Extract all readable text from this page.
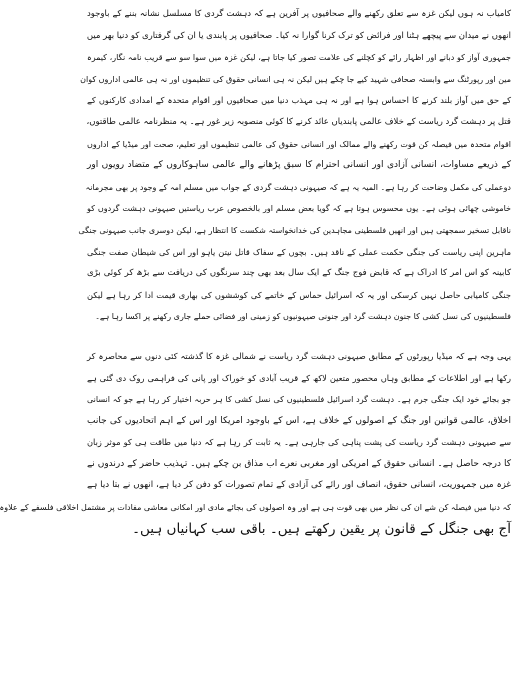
کامیاب نہ ہوں لیکن غزہ سے تعلق رکھنے والے صحافیوں پر آفرین ہے کہ دہشت گردی کا مسلسل نشانہ بننے کے باوجود
انھوں نے میدان سے پیچھے ہٹنا اور فرائض کو ترک کرنا گوارا نہ کیا۔ صحافیوں پر پابندی یا ان کی گرفتاری کو دنیا بھر میں
جمہوری آواز کو دبانے اور اظہار رائے کو کچلنے کی علامت تصور کیا جاتا ہے، لیکن غزہ میں سوا سو سے قریب نامہ نگار، کیمرہ
مین اور رپورٹنگ سے وابستہ صحافی شہید کیے جا چکے ہیں لیکن نہ ہی انسانی حقوق کی تنظیموں اور نہ ہی عالمی اداروں کوان
کے حق میں آواز بلند کرنے کا احساس ہوا ہے اور نہ ہی مہذب دنیا میں صحافیوں اور اقوام متحدہ کے امدادی کارکنوں کے
قتل پر دہشت گرد ریاست کے خلاف عالمی پابندیاں عائد کرنے کا کوئی منصوبہ زیر غور ہے۔ یہ منظرنامہ عالمی طاقتوں،
اقوام متحدہ میں فیصلہ کن قوت رکھنے والے ممالک اور انسانی حقوق کی عالمی تنظیموں اور تعلیم، صحت اور میڈیا کے اداروں
کے ذریعے مساوات، انسانی آزادی اور انسانی احترام کا سبق پڑھانے والے عالمی ساہوکاروں کے متضاد رویوں اور
دوعملی کی مکمل وضاحت کر رہا ہے۔ المیہ یہ ہے کہ صیہونی دہشت گردی کے جواب میں مسلم امہ کے وجود پر بھی مجرمانہ
خاموشی چھائی ہوئی ہے۔ یوں محسوس ہوتا ہے کہ گویا بعض مسلم اور بالخصوص عرب ریاستیں صیہونی دہشت گردوں کو
ناقابل تسخیر سمجھتی ہیں اور انھیں فلسطینی مجاہدین کی خدانخواستہ شکست کا انتظار ہے، لیکن دوسری جانب صیہونی جنگی
ماہرین اپنی ریاست کی جنگی حکمت عملی کے ناقد ہیں۔ بچوں کے سفاک قاتل نیتن یاہو اور اس کی شیطان صفت جنگی
کابینہ کو اس امر کا ادراک ہے کہ قابض فوج جنگ کے ایک سال بعد بھی چند سرنگوں کی دریافت سے بڑھ کر کوئی بڑی
جنگی کامیابی حاصل نہیں کرسکی اور یہ کہ اسرائیل حماس کے خاتمے کی کوششوں کی بھاری قیمت ادا کر رہا ہے لیکن
فلسطینیوں کی نسل کشی کا جنون دہشت گرد اور جنونی صیہونیوں کو زمینی اور فضائی حملے جاری رکھنے پر اکسا رہا ہے۔
یہی وجہ ہے کہ میڈیا رپورٹوں کے مطابق صیہونی دہشت گرد ریاست نے شمالی غزہ کا گذشتہ کئی دنوں سے محاصرہ کر
رکھا ہے اور اطلاعات کے مطابق وہاں محصور متعین لاکھ کے قریب آبادی کو خوراک اور پانی کی فراہمی روک دی گئی ہے
جو بجائے خود ایک جنگی جرم ہے۔ دہشت گرد اسرائیل فلسطینیوں کی نسل کشی کا ہر حربہ اختیار کر رہا ہے جو کہ انسانی
اخلاق، عالمی قوانین اور جنگ کے اصولوں کے خلاف ہے، اس کے باوجود امریکا اور اس کے اہم اتحادیوں کی جانب
سے صیہونی دہشت گرد ریاست کی پشت پناہی کی جارہی ہے۔ یہ ثابت کر رہا ہے کہ دنیا میں طاقت ہی کو موثر زبان
کا درجہ حاصل ہے۔ انسانی حقوق کے امریکی اور مغربی نعرے اب مذاق بن چکے ہیں۔ تہذیب حاضر کے درندوں نے
غزہ میں جمہوریت، انسانی حقوق، انصاف اور رائے کی آزادی کے تمام تصورات کو دفن کر دیا ہے، انھوں نے بتا دیا ہے
کہ دنیا میں فیصلہ کن شے ان کی نظر میں بھی قوت ہی ہے اور وہ اصولوں کی بجائے مادی اور امکانی معاشی مفادات پر مشتمل اخلاقی فلسفے کے علاوہ
آج بھی جنگل کے قانون پر یقین رکھتے ہیں۔ باقی سب کہانیاں ہیں۔
